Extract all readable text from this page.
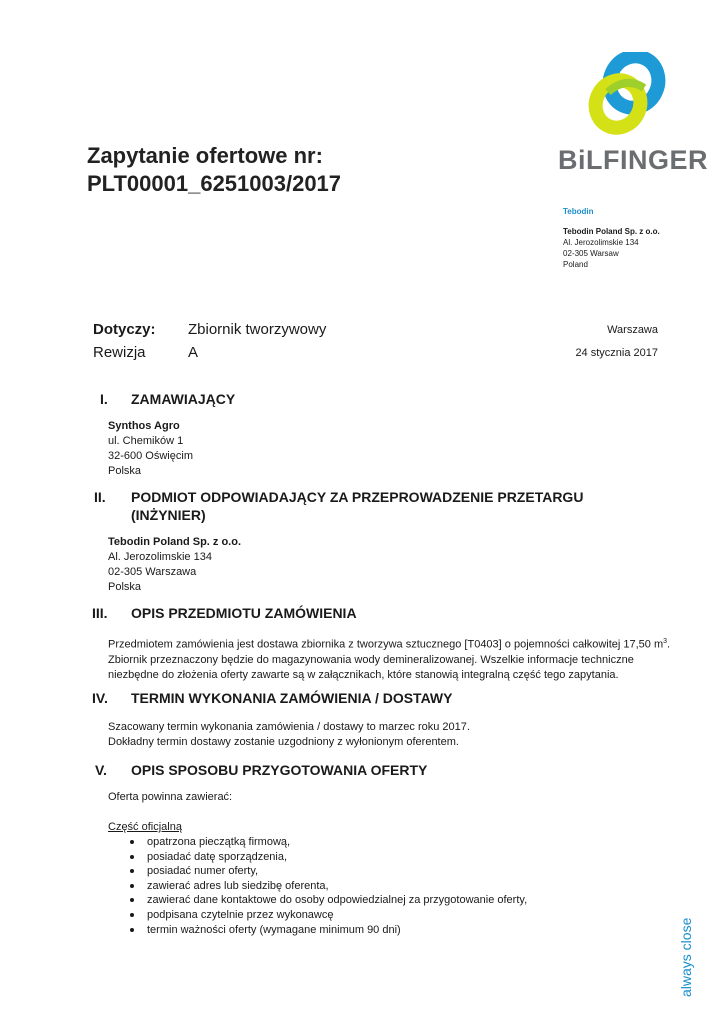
Zapytanie ofertowe nr:
PLT00001_6251003/2017
BiLFINGER
Tebodin
Tebodin Poland Sp. z o.o.
Al. Jerozolimskie 134
02-305 Warsaw
Poland
Dotyczy: Zbiornik tworzywowy	Warszawa
Rewizja	A	24 stycznia 2017
I. ZAMAWIAJĄCY
Synthos Agro
ul. Chemików 1
32-600 Oświęcim
Polska
II. PODMIOT ODPOWIADAJĄCY ZA PRZEPROWADZENIE PRZETARGU
(INŻYNIER)
Tebodin Poland Sp. z o.o.
Al. Jerozolimskie 134
02-305 Warszawa
Polska
III. OPIS PRZEDMIOTU ZAMÓWIENIA
Przedmiotem zamówienia jest dostawa zbiornika z tworzywa sztucznego [T0403] o pojemności całkowitej 17,50 $m^3$.
Zbiornik przeznaczony będzie do magazynowania wody demineralizowanej. Wszelkie informacje techniczne
niezbędne do złożenia oferty zawarte są w załącznikach, które stanowią integralną część tego zapytania.
IV. TERMIN WYKONANIA ZAMÓWIENIA / DOSTAWY
Szacowany termin wykonania zamówienia / dostawy to marzec roku 2017.
Dokładny termin dostawy zostanie uzgodniony z wyłonionym oferentem.
V. OPIS SPOSOBU PRZYGOTOWANIA OFERTY
Oferta powinna zawierać:
Część oficjalną
opatrzona pieczątką firmową,
posiadać datę sporządzenia,
posiadać numer oferty,
zawierać adres lub siedzibę oferenta,
zawierać dane kontaktowe do osoby odpowiedzialnej za przygotowanie oferty,
podpisana czytelnie przez wykonawcę
termin ważności oferty (wymagane minimum 90 dni)	always close
